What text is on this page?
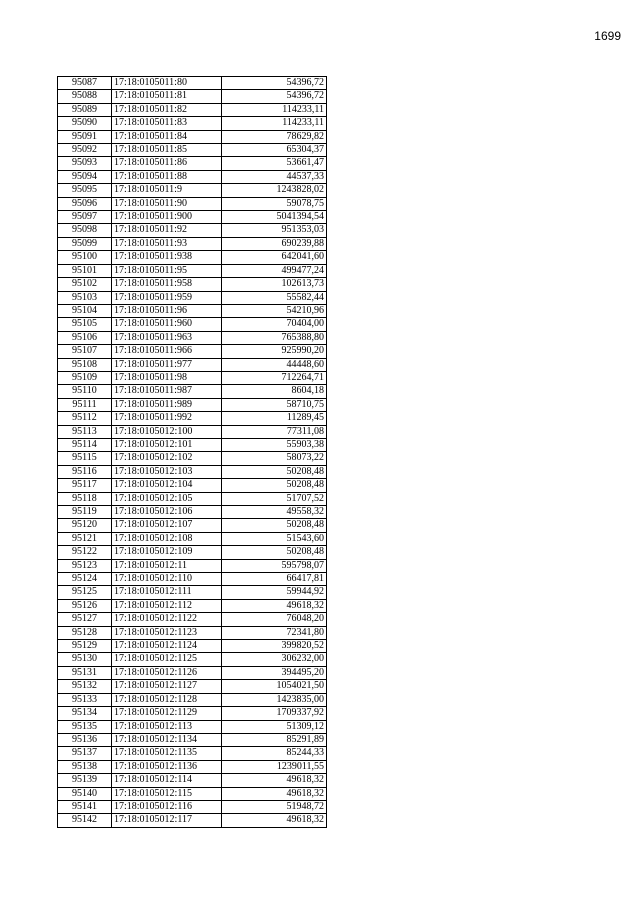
1699
95087	17:18:0105011:80	54396,72
95088	17:18:0105011:81	54396,72
95089	17:18:0105011:82	114233,11
95090	17:18:0105011:83	114233,11
95091	17:18:0105011:84	78629,82
95092	17:18:0105011:85	65304,37
95093	17:18:0105011:86	53661,47
95094	17:18:0105011:88	44537,33
95095	17:18:0105011:9	1243828,02
95096	17:18:0105011:90	59078,75
95097	17:18:0105011:900	5041394,54
95098	17:18:0105011:92	951353,03
95099	17:18:0105011:93	690239,88
95100	17:18:0105011:938	642041,60
95101	17:18:0105011:95	499477,24
95102	17:18:0105011:958	102613,73
95103	17:18:0105011:959	55582,44
95104	17:18:0105011:96	54210,96
95105	17:18:0105011:960	70404,00
95106	17:18:0105011:963	765388,80
95107	17:18:0105011:966	925990,20
95108	17:18:0105011:977	44448,60
95109	17:18:0105011:98	712264,71
95110	17:18:0105011:987	8604,18
95111	17:18:0105011:989	58710,75
95112	17:18:0105011:992	11289,45
95113	17:18:0105012:100	77311,08
95114	17:18:0105012:101	55903,38
95115	17:18:0105012:102	58073,22
95116	17:18:0105012:103	50208,48
95117	17:18:0105012:104	50208,48
95118	17:18:0105012:105	51707,52
95119	17:18:0105012:106	49558,32
95120	17:18:0105012:107	50208,48
95121	17:18:0105012:108	51543,60
95122	17:18:0105012:109	50208,48
95123	17:18:0105012:11	595798,07
95124	17:18:0105012:110	66417,81
95125	17:18:0105012:111	59944,92
95126	17:18:0105012:112	49618,32
95127	17:18:0105012:1122	76048,20
95128	17:18:0105012:1123	72341,80
95129	17:18:0105012:1124	399820,52
95130	17:18:0105012:1125	306232,00
95131	17:18:0105012:1126	394495,20
95132	17:18:0105012:1127	1054021,50
95133	17:18:0105012:1128	1423835,00
95134	17:18:0105012:1129	1709337,92
95135	17:18:0105012:113	51309,12
95136	17:18:0105012:1134	85291,89
95137	17:18:0105012:1135	85244,33
95138	17:18:0105012:1136	1239011,55
95139	17:18:0105012:114	49618,32
95140	17:18:0105012:115	49618,32
95141	17:18:0105012:116	51948,72
95142	17:18:0105012:117	49618,32
